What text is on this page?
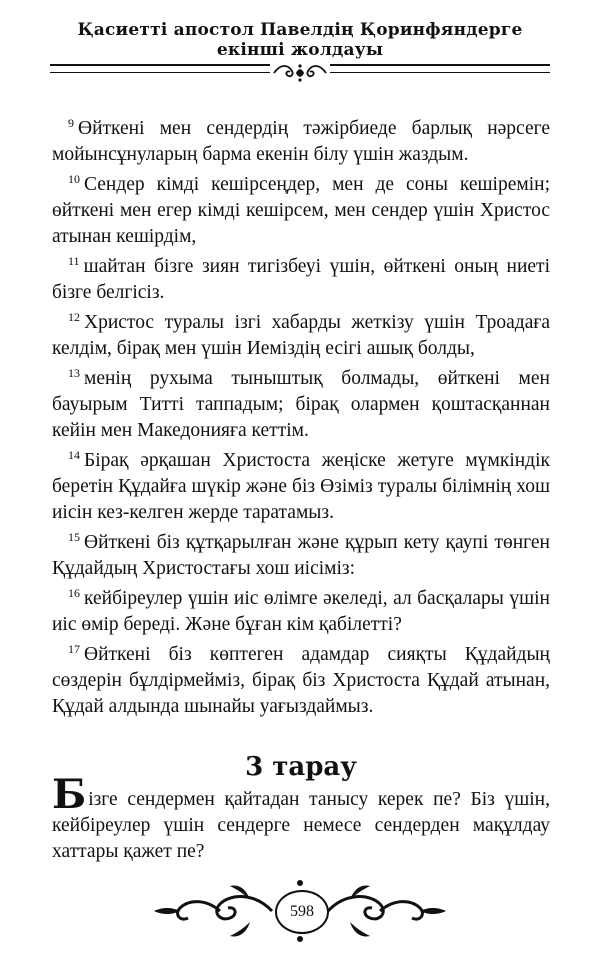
Қасиетті апостол Павелдің Қоринфяндерге
екінші жолдауы

$^9$ Өйткені мен сендердің тәжірбиеде барлық нәрсеге мойынсұнуларың барма екенін білу үшін жаздым.

$^{10}$ Сендер кімді кешірсеңдер, мен де соны кешіремін; өйткені мен егер кімді кешірсем, мен сендер үшін Христос атынан кешірдім,

$^{11}$ шайтан бізге зиян тигізбеуі үшін, өйткені оның ниеті бізге белгісіз.

$^{12}$ Христос туралы ізгі хабарды жеткізу үшін Троадаға келдім, бірақ мен үшін Иеміздің есігі ашық болды,

$^{13}$ менің рухыма тыныштық болмады, өйткені мен бауырым Титті таппадым; бірақ олармен қоштасқаннан кейін мен Македонияға кеттім.

$^{14}$ Бірақ әрқашан Христоста жеңіске жетуге мүмкіндік беретін Құдайға шүкір және біз Өзіміз туралы білімнің хош иісін кез-келген жерде таратамыз.

$^{15}$ Өйткені біз құтқарылған және құрып кету қаупі төнген Құдайдың Христостағы хош иісіміз:

$^{16}$ кейбіреулер үшін иіс өлімге әкеледі, ал басқалары үшін иіс өмір береді. Және бұған кім қабілетті?

$^{17}$ Өйткені біз көптеген адамдар сияқты Құдайдың сөздерін бұлдірмейміз, бірақ біз Христоста Құдай атынан, Құдай алдында шынайы уағыздаймыз.

3 тарау

Бізге сендермен қайтадан танысу керек пе? Біз үшін, кейбіреулер үшін сендерге немесе сендерден мақұлдау хаттары қажет пе?

598
